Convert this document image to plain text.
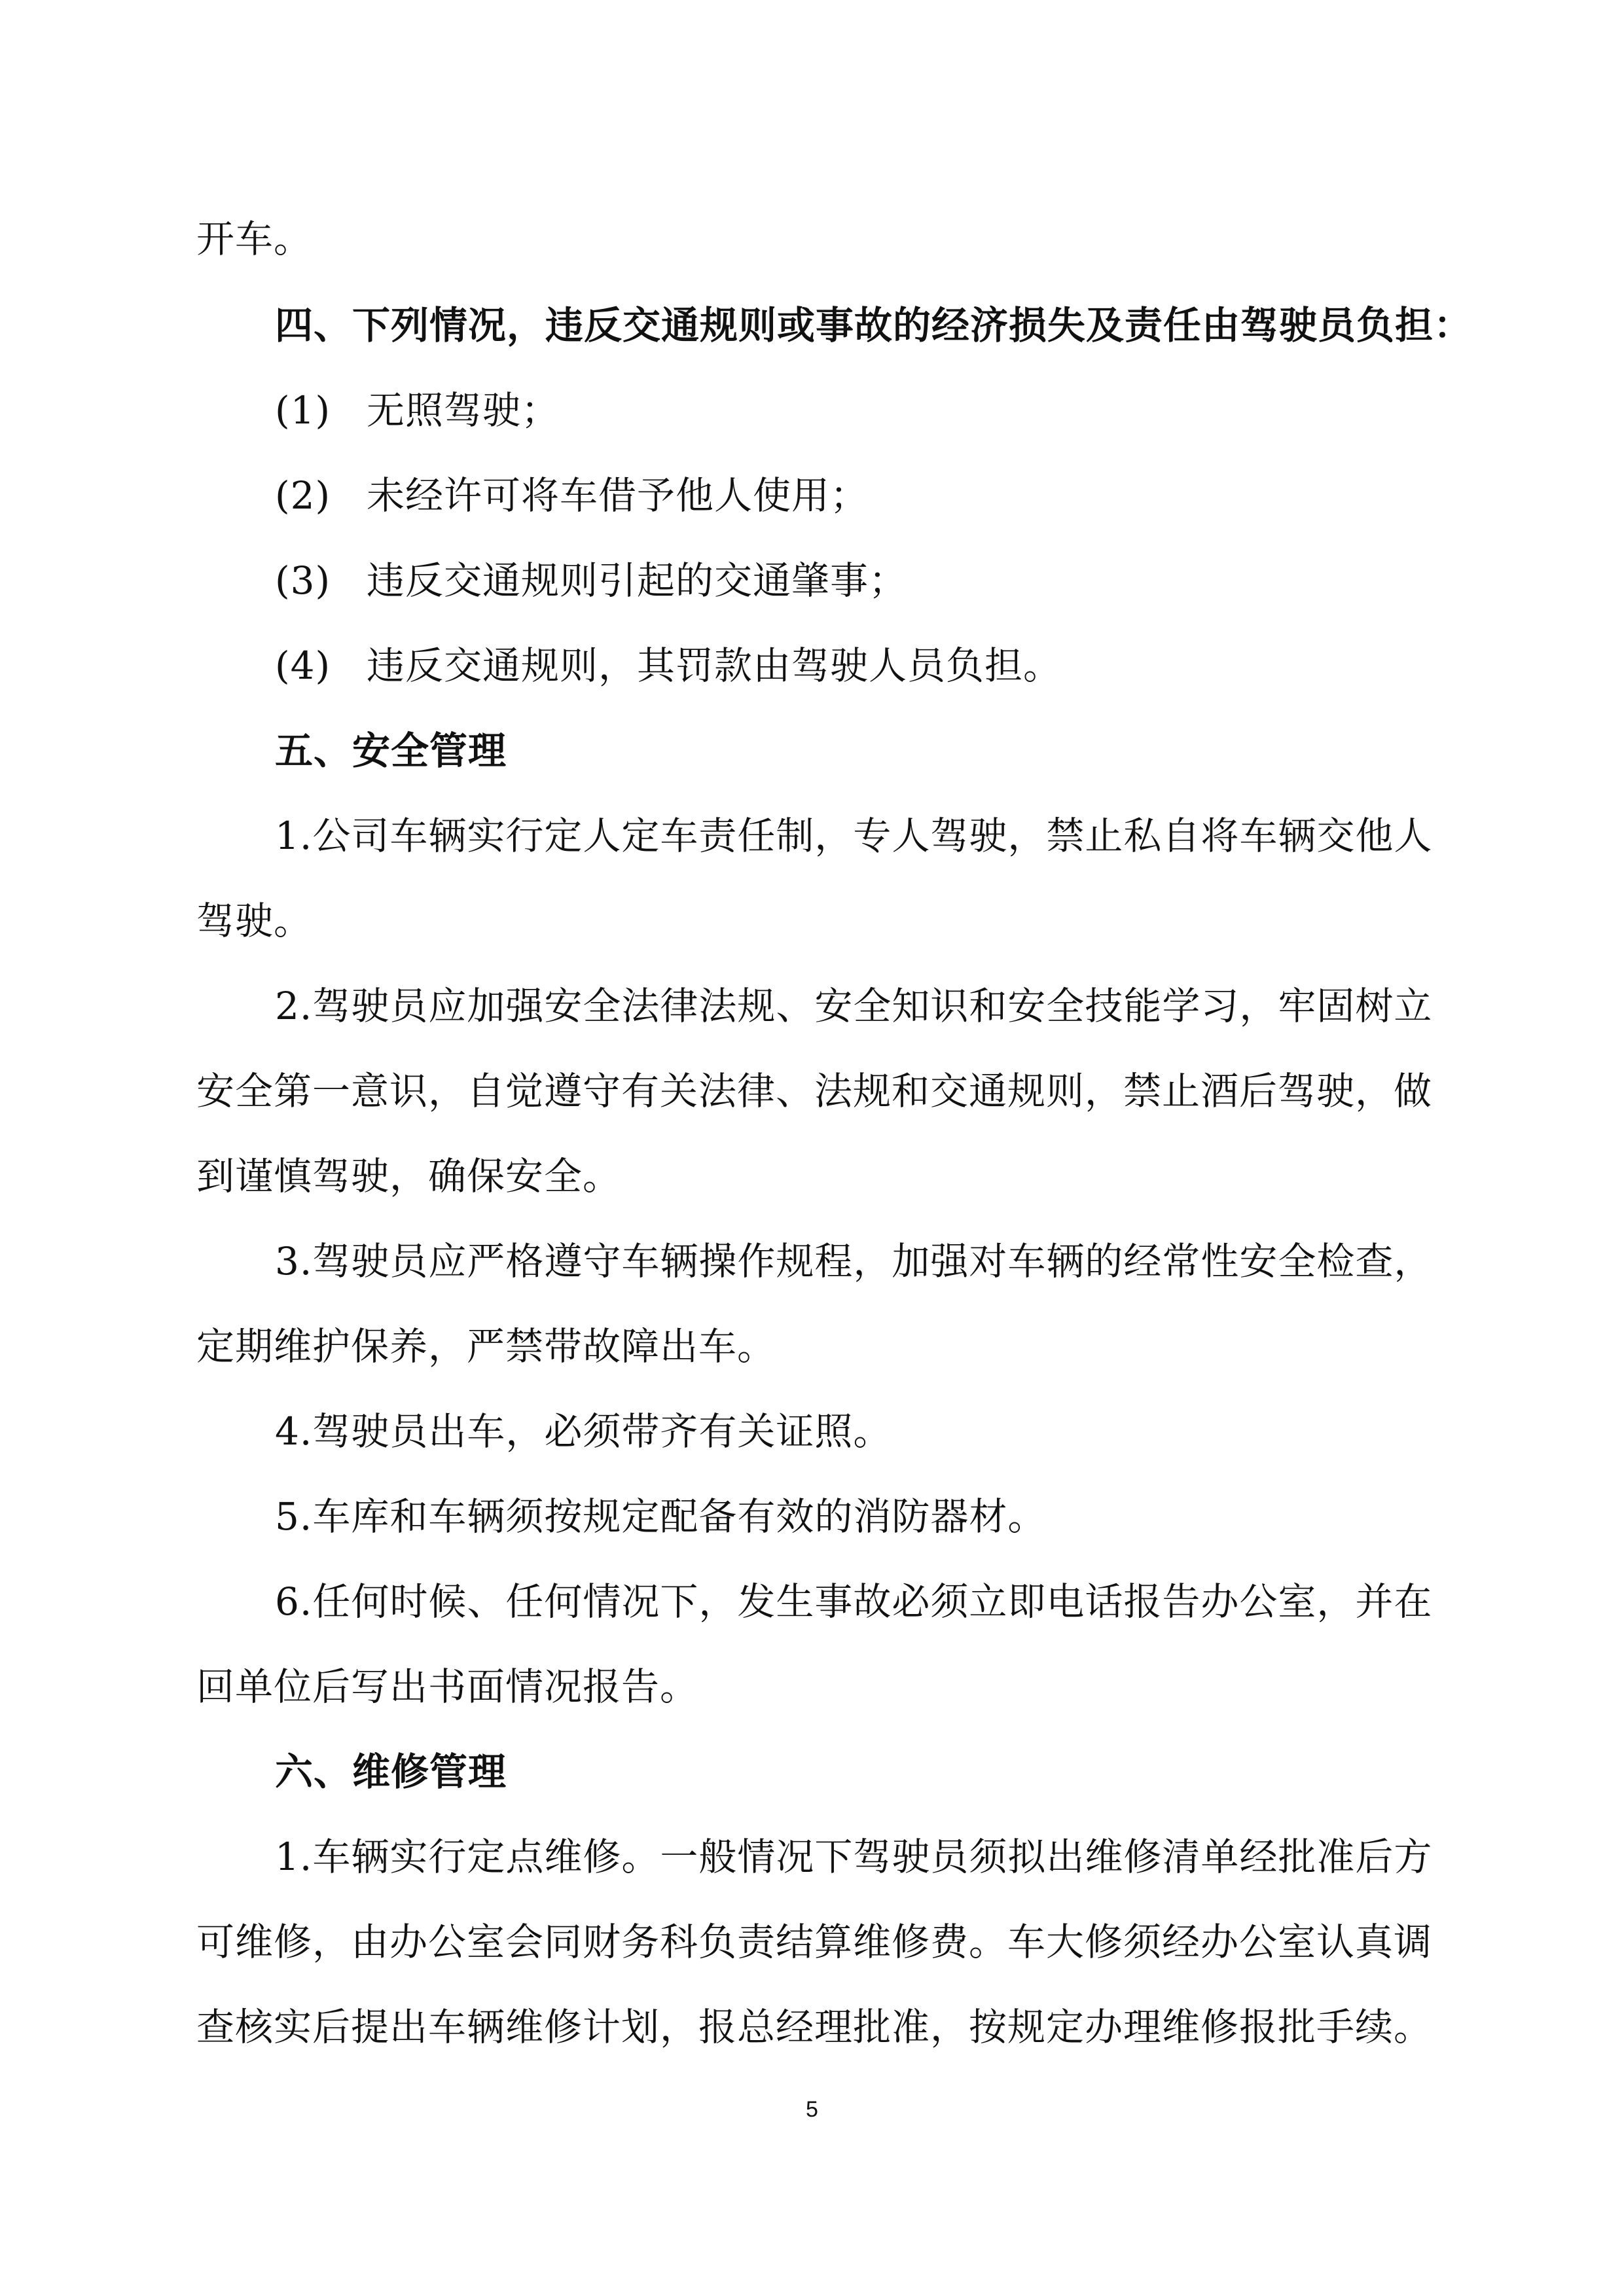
开车。
四、下列情况，违反交通规则或事故的经济损失及责任由驾驶员负担：
(1) 无照驾驶；
(2) 未经许可将车借予他人使用；
(3) 违反交通规则引起的交通肇事；
(4) 违反交通规则，其罚款由驾驶人员负担。
五、安全管理
1.公司车辆实行定人定车责任制，专人驾驶，禁止私自将车辆交他人
驾驶。
2.驾驶员应加强安全法律法规、安全知识和安全技能学习，牢固树立
安全第一意识，自觉遵守有关法律、法规和交通规则，禁止酒后驾驶，做
到谨慎驾驶，确保安全。
3.驾驶员应严格遵守车辆操作规程，加强对车辆的经常性安全检查，
定期维护保养，严禁带故障出车。
4.驾驶员出车，必须带齐有关证照。
5.车库和车辆须按规定配备有效的消防器材。
6.任何时候、任何情况下，发生事故必须立即电话报告办公室，并在
回单位后写出书面情况报告。
六、维修管理
1.车辆实行定点维修。一般情况下驾驶员须拟出维修清单经批准后方
可维修，由办公室会同财务科负责结算维修费。车大修须经办公室认真调
查核实后提出车辆维修计划，报总经理批准，按规定办理维修报批手续。
5
